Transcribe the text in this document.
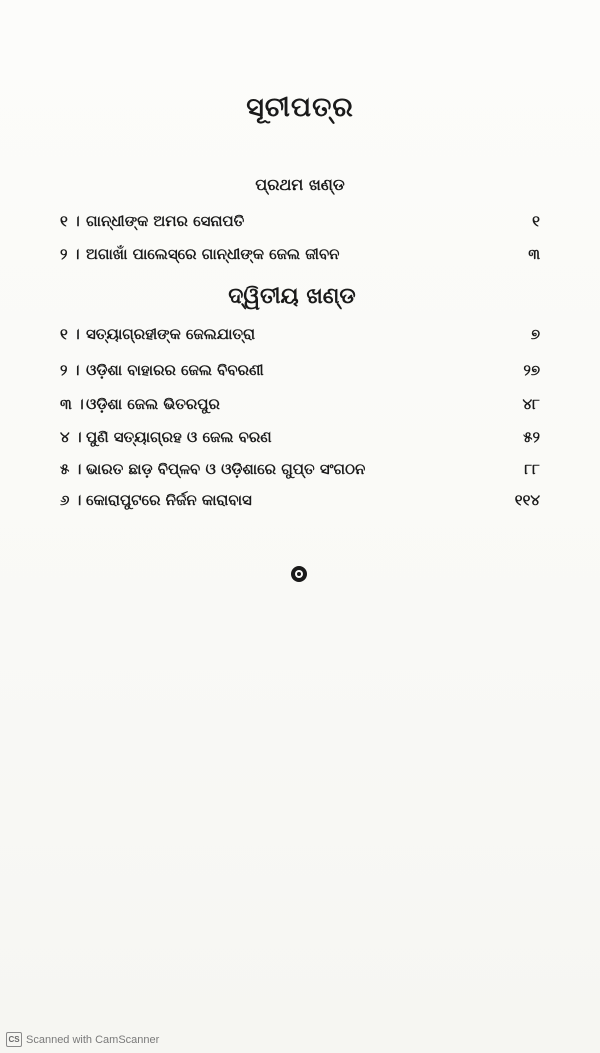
ସୂଚୀପତ୍ର
ପ୍ରଥମ ଖଣ୍ଡ
୧ । ଗାନ୍ଧୀଙ୍କ ଅମର ସେନାପତି	୧
୨ । ଅଗାଖାଁ ପାଲେସ୍‌ରେ ଗାନ୍ଧୀଙ୍କ ଜେଲ ଜୀବନ	୩
ଦ୍ୱିତୀୟ ଖଣ୍ଡ
୧ । ସତ୍ୟାଗ୍ରହୀଙ୍କ ଜେଲଯାତ୍ରା	୭
୨ । ଓଡ଼ିଶା ବାହାରର ଜେଲ ବିବରଣୀ	୨୭
୩ । ଓଡ଼ିଶା ଜେଲ ଭିତରପୁର	୪୮
୪ । ପୁଣି ସତ୍ୟାଗ୍ରହ ଓ ଜେଲ ବରଣ	୫୨
୫ । ଭାରତ ଛାଡ଼ ବିପ୍ଳବ ଓ ଓଡ଼ିଶାରେ ଗୁପ୍ତ ସଂଗଠନ	୮୮
୬ । କୋରାପୁଟରେ ନିର୍ଜନ କାରାବାସ	୧୧୪
CS Scanned with CamScanner
